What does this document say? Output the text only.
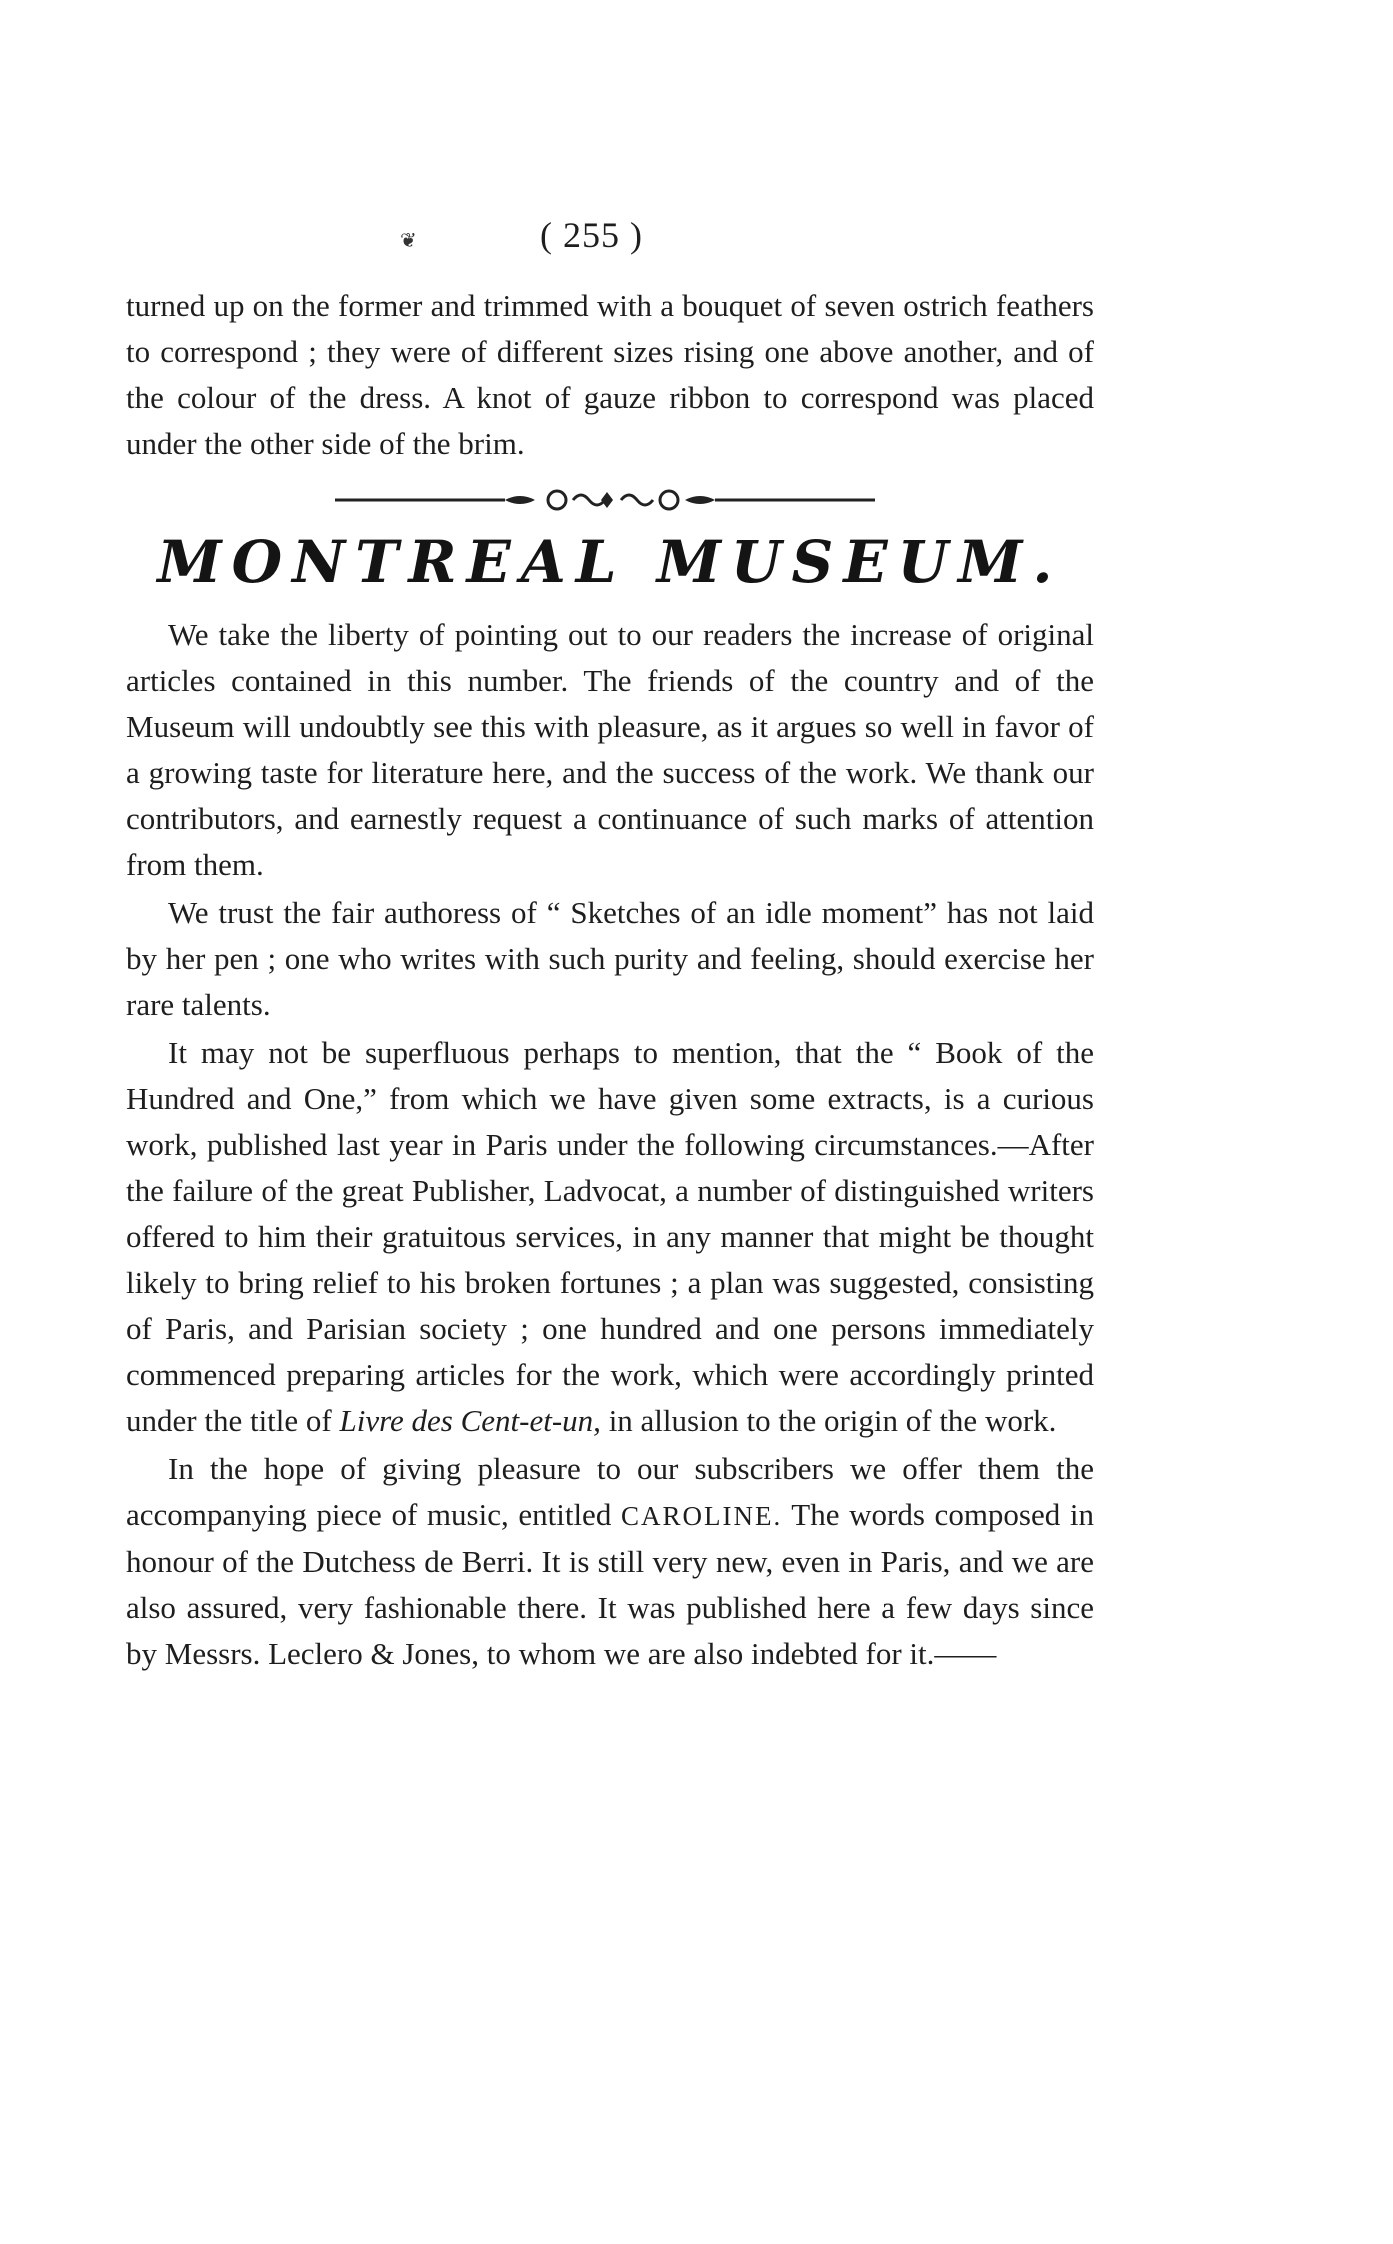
❦	( 255 )

turned up on the former and trimmed with a bouquet of seven ostrich feathers to correspond ; they were of different sizes rising one above another, and of the colour of the dress. A knot of gauze ribbon to correspond was placed under the other side of the brim.

MONTREAL MUSEUM.

We take the liberty of pointing out to our readers the increase of original articles contained in this number. The friends of the country and of the Museum will undoubtly see this with pleasure, as it argues so well in favor of a growing taste for literature here, and the success of the work. We thank our contributors, and earnestly request a continuance of such marks of attention from them.

We trust the fair authoress of “ Sketches of an idle moment” has not laid by her pen ; one who writes with such purity and feeling, should exercise her rare talents.

It may not be superfluous perhaps to mention, that the “ Book of the Hundred and One,” from which we have given some extracts, is a curious work, published last year in Paris under the following circumstances.—After the failure of the great Publisher, Ladvocat, a number of distinguished writers offered to him their gratuitous services, in any manner that might be thought likely to bring relief to his broken fortunes ; a plan was suggested, consisting of Paris, and Parisian society ; one hundred and one persons immediately commenced preparing articles for the work, which were accordingly printed under the title of Livre des Cent-et-un, in allusion to the origin of the work.

In the hope of giving pleasure to our subscribers we offer them the accompanying piece of music, entitled CAROLINE. The words composed in honour of the Dutchess de Berri. It is still very new, even in Paris, and we are also assured, very fashionable there. It was published here a few days since by Messrs. Leclero & Jones, to whom we are also indebted for it.——
